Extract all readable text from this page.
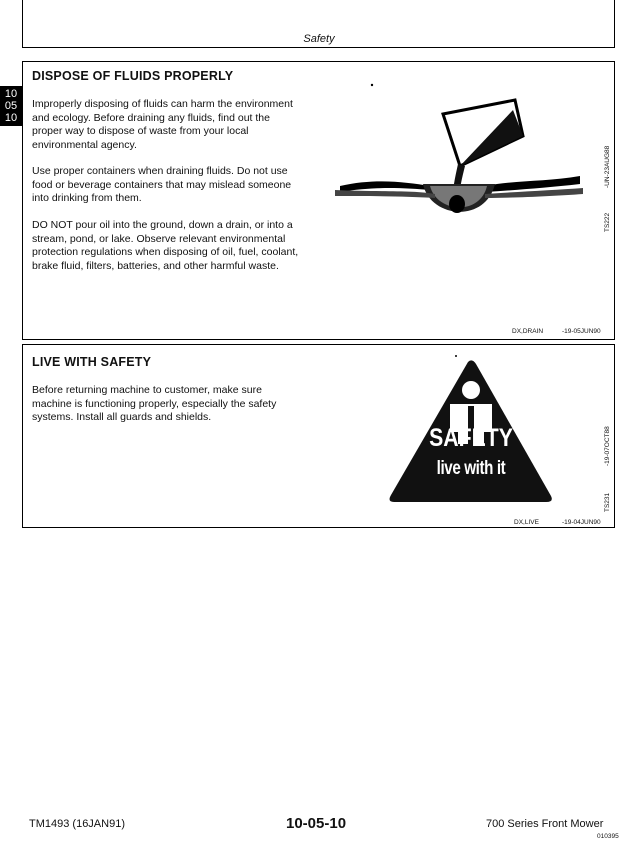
Safety
10
05
10
DISPOSE OF FLUIDS PROPERLY
Improperly disposing of fluids can harm the environment
and ecology. Before draining any fluids, find out the
proper way to dispose of waste from your local
environmental agency.
Use proper containers when draining fluids. Do not use
food or beverage containers that may mislead someone
into drinking from them.
DO NOT pour oil into the ground, down a drain, or into a
stream, pond, or lake. Observe relevant environmental
protection regulations when disposing of oil, fuel, coolant,
brake fluid, filters, batteries, and other harmful waste.
TS222
-UN-23AUG88
DX,DRAIN	-19-05JUN90
LIVE WITH SAFETY
Before returning machine to customer, make sure
machine is functioning properly, especially the safety
systems. Install all guards and shields.
SAFETY
live with it
TS231
-19-07OCT88
DX,LIVE	-19-04JUN90
TM1493 (16JAN91)	10-05-10	700 Series Front Mower
010395
